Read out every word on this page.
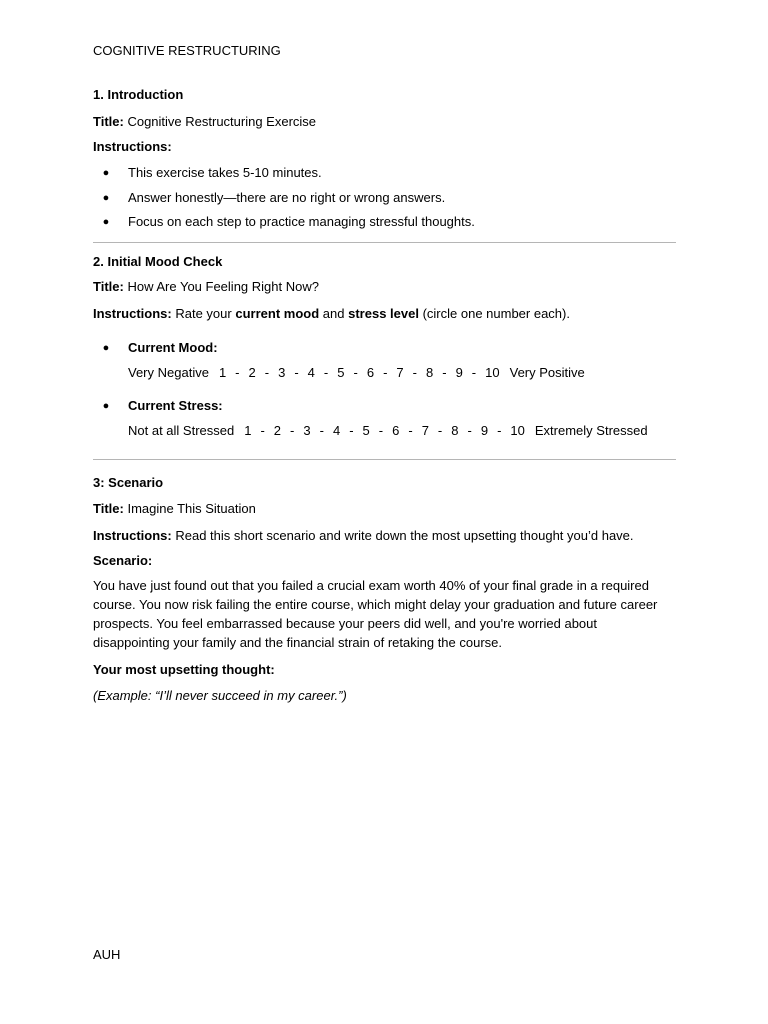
COGNITIVE RESTRUCTURING
1. Introduction
Title: Cognitive Restructuring Exercise
Instructions:
● This exercise takes 5-10 minutes.
● Answer honestly—there are no right or wrong answers.
● Focus on each step to practice managing stressful thoughts.
2. Initial Mood Check
Title: How Are You Feeling Right Now?
Instructions: Rate your current mood and stress level (circle one number each).
● Current Mood:
Very Negative 1 - 2 - 3 - 4 - 5 - 6 - 7 - 8 - 9 - 10 Very Positive
● Current Stress:
Not at all Stressed 1 - 2 - 3 - 4 - 5 - 6 - 7 - 8 - 9 - 10 Extremely Stressed
3: Scenario
Title: Imagine This Situation
Instructions: Read this short scenario and write down the most upsetting thought you’d have.
Scenario:
You have just found out that you failed a crucial exam worth 40% of your final grade in a required course. You now risk failing the entire course, which might delay your graduation and future career prospects. You feel embarrassed because your peers did well, and you're worried about disappointing your family and the financial strain of retaking the course.
Your most upsetting thought:
(Example: “I’ll never succeed in my career.”)
AUH
